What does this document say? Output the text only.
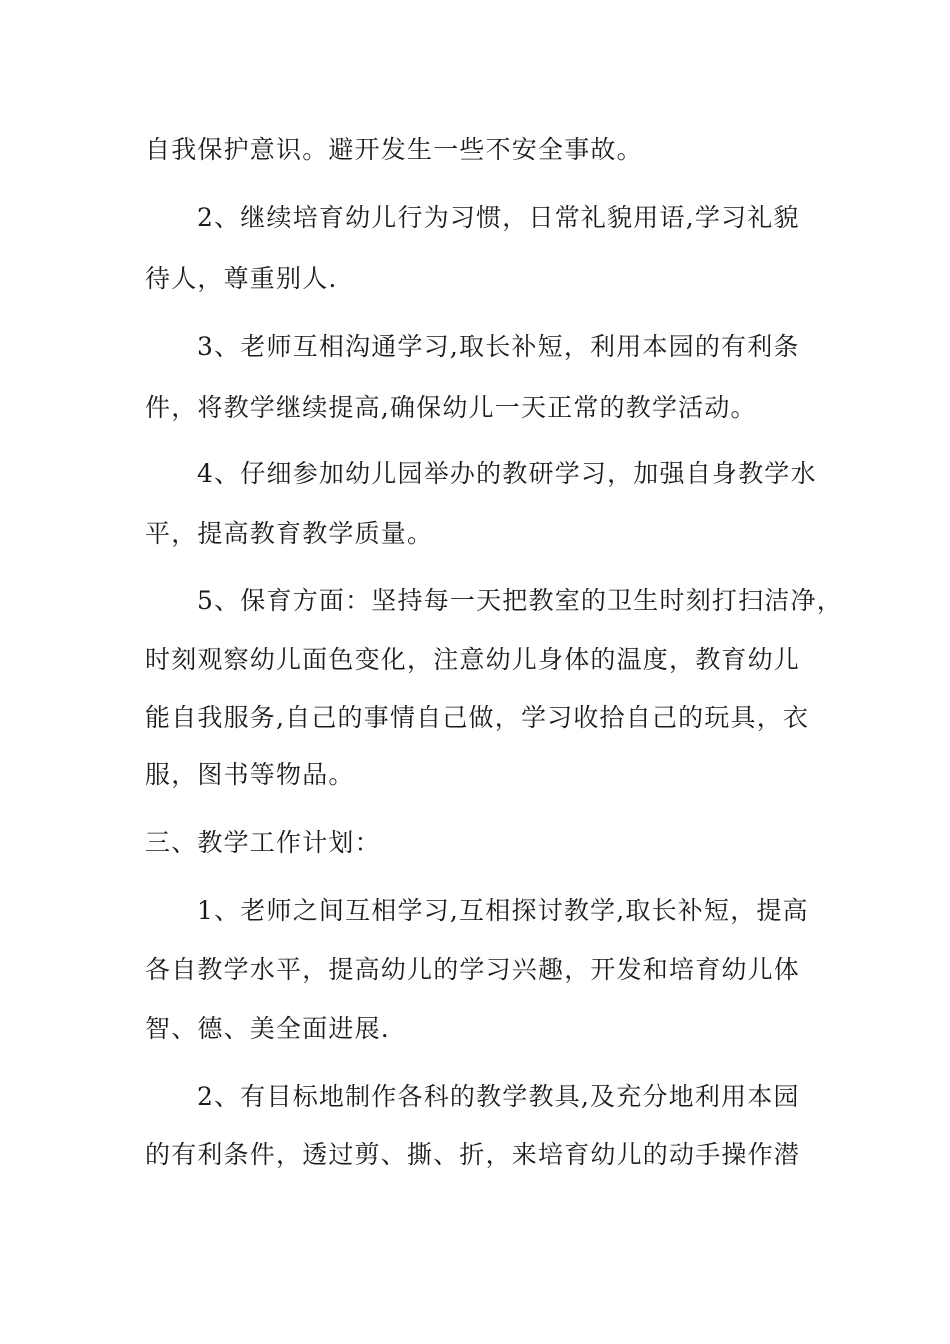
自我保护意识。避开发生一些不安全事故。
2、继续培育幼儿行为习惯，日常礼貌用语,学习礼貌
待人，尊重别人.
3、老师互相沟通学习,取长补短，利用本园的有利条
件，将教学继续提高,确保幼儿一天正常的教学活动。
4、仔细参加幼儿园举办的教研学习，加强自身教学水
平，提高教育教学质量。
5、保育方面：坚持每一天把教室的卫生时刻打扫洁净，
时刻观察幼儿面色变化，注意幼儿身体的温度，教育幼儿
能自我服务,自己的事情自己做，学习收拾自己的玩具，衣
服，图书等物品。
三、教学工作计划：
1、老师之间互相学习,互相探讨教学,取长补短，提高
各自教学水平，提高幼儿的学习兴趣，开发和培育幼儿体
智、德、美全面进展.
2、有目标地制作各科的教学教具,及充分地利用本园
的有利条件，透过剪、撕、折，来培育幼儿的动手操作潜
